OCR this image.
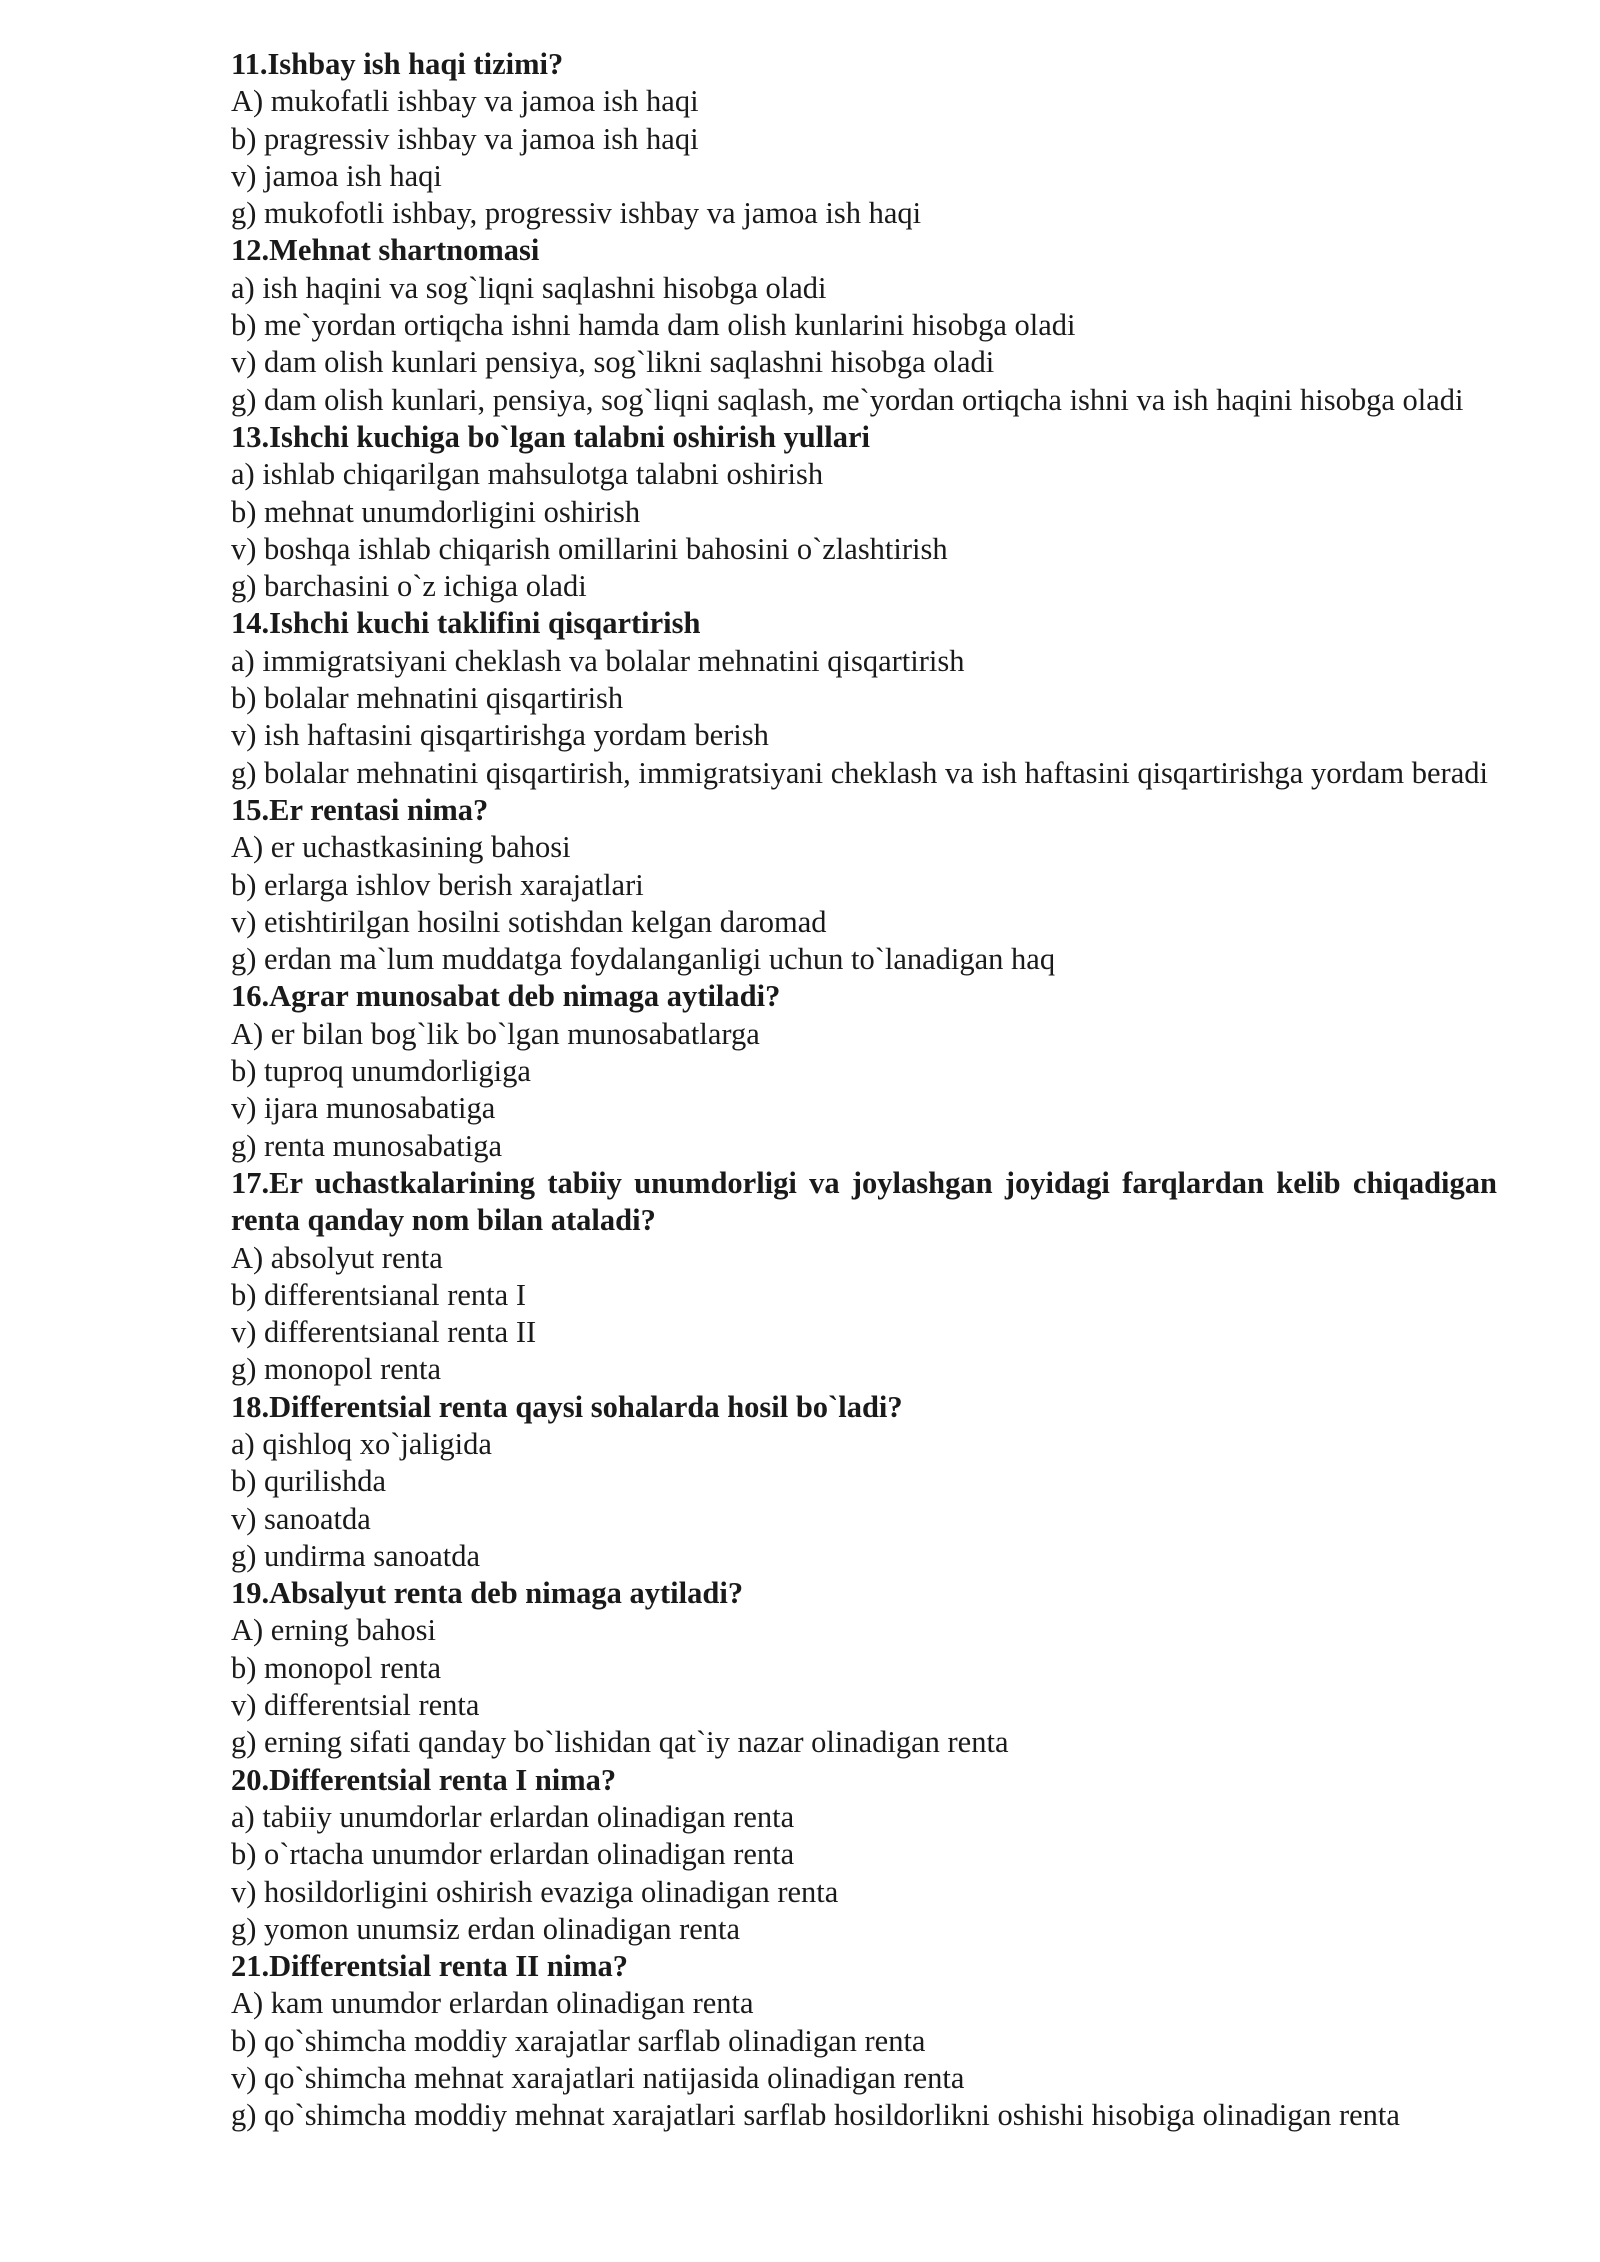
11.Ishbay ish haqi tizimi?
A) mukofatli ishbay va jamoa ish haqi
b) pragressiv ishbay va jamoa ish haqi
v) jamoa ish haqi
g) mukofotli ishbay, progressiv ishbay va jamoa ish haqi
12.Mehnat shartnomasi
a) ish haqini va sog`liqni saqlashni hisobga oladi
b) me`yordan ortiqcha ishni hamda dam olish kunlarini hisobga oladi
v) dam olish kunlari pensiya, sog`likni saqlashni hisobga oladi
g) dam olish kunlari, pensiya, sog`liqni saqlash, me`yordan ortiqcha ishni va ish haqini hisobga oladi
13.Ishchi kuchiga bo`lgan talabni oshirish yullari
a) ishlab chiqarilgan mahsulotga talabni oshirish
b) mehnat unumdorligini oshirish
v) boshqa ishlab chiqarish omillarini bahosini o`zlashtirish
g) barchasini o`z ichiga oladi
14.Ishchi kuchi taklifini qisqartirish
a) immigratsiyani cheklash va bolalar mehnatini qisqartirish
b) bolalar mehnatini qisqartirish
v) ish haftasini qisqartirishga yordam berish
g) bolalar mehnatini qisqartirish, immigratsiyani cheklash va ish haftasini qisqartirishga yordam beradi
15.Er rentasi nima?
A) er uchastkasining bahosi
b) erlarga ishlov berish xarajatlari
v) etishtirilgan hosilni sotishdan kelgan daromad
g) erdan ma`lum muddatga foydalanganligi uchun to`lanadigan haq
16.Agrar munosabat deb nimaga aytiladi?
A) er bilan bog`lik bo`lgan munosabatlarga
b) tuproq unumdorligiga
v) ijara munosabatiga
g) renta munosabatiga
17.Er uchastkalarining tabiiy unumdorligi va joylashgan joyidagi farqlardan kelib chiqadigan renta qanday nom bilan ataladi?
A) absolyut renta
b) differentsianal renta I
v) differentsianal renta II
g) monopol renta
18.Differentsial renta qaysi sohalarda hosil bo`ladi?
a) qishloq xo`jaligida
b) qurilishda
v) sanoatda
g) undirma sanoatda
19.Absalyut renta deb nimaga aytiladi?
A) erning bahosi
b) monopol renta
v) differentsial renta
g) erning sifati qanday bo`lishidan qat`iy nazar olinadigan renta
20.Differentsial renta I nima?
a) tabiiy unumdorlar erlardan olinadigan renta
b) o`rtacha unumdor erlardan olinadigan renta
v) hosildorligini oshirish evaziga olinadigan renta
g) yomon unumsiz erdan olinadigan renta
21.Differentsial renta II nima?
A) kam unumdor erlardan olinadigan renta
b) qo`shimcha moddiy xarajatlar sarflab olinadigan renta
v) qo`shimcha mehnat xarajatlari natijasida olinadigan renta
g) qo`shimcha moddiy mehnat xarajatlari sarflab hosildorlikni oshishi hisobiga olinadigan renta
